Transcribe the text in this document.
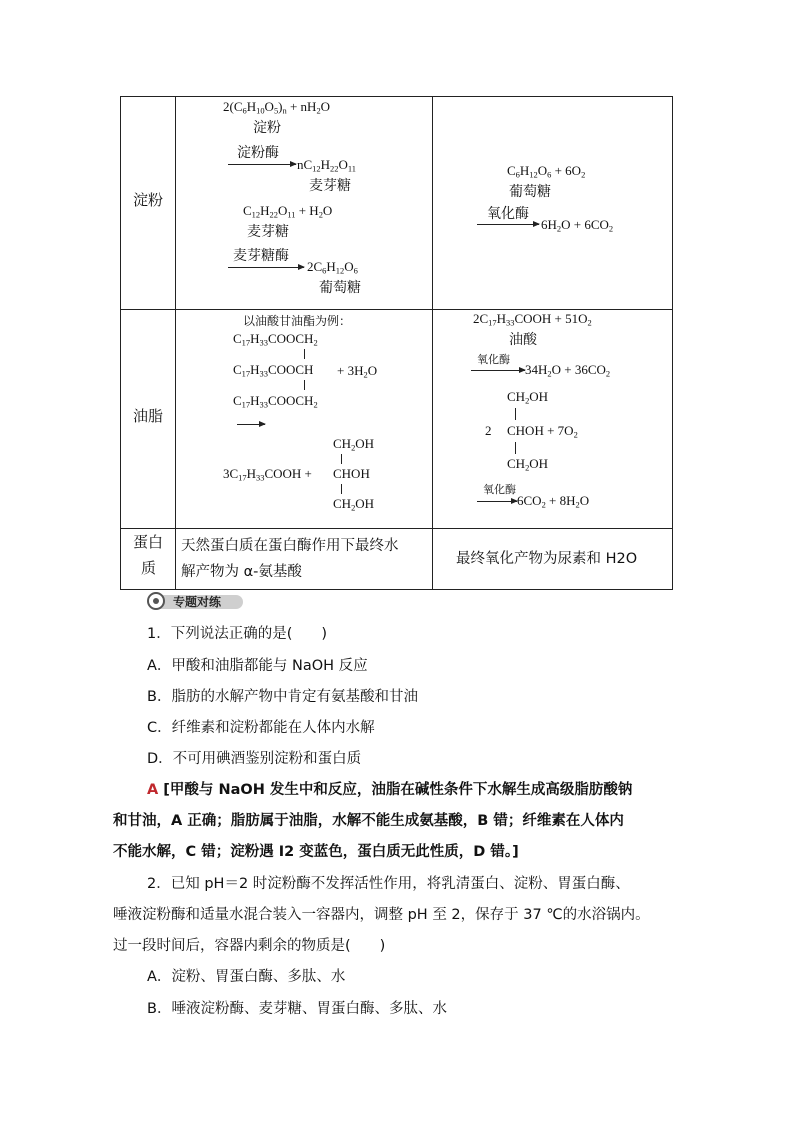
淀粉
油脂
蛋白
质
$2(C_6H_{10}O_5)_n + nH_2O$
淀粉
淀粉酶
$nC_{12}H_{22}O_{11}$
麦芽糖
$C_{12}H_{22}O_{11} + H_2O$
麦芽糖
麦芽糖酶
$2C_6H_{12}O_6$
葡萄糖
$C_6H_{12}O_6 + 6O_2$
葡萄糖
氧化酶
→ $6H_2O + 6CO_2$
以油酸甘油酯为例：
$C_{17}H_{33}COOCH_2$
$C_{17}H_{33}COOCH + 3H_2O$
$C_{17}H_{33}COOCH_2$
$3C_{17}H_{33}COOH$ +
$CH_2OH$
CHOH
$CH_2OH$
$2C_{17}H_{33}COOH + 51O_2$
油酸
氧化酶
→ $34H_2O + 36CO_2$
$CH_2OH$
2 CHOH + $7O_2$
$CH_2OH$
氧化酶
→ $6CO_2 + 8H_2O$
天然蛋白质在蛋白酶作用下最终水
解产物为 α-氨基酸
最终氧化产物为尿素和 H2O
专题对练
1．下列说法正确的是(　　)
A．甲酸和油脂都能与 NaOH 反应
B．脂肪的水解产物中肯定有氨基酸和甘油
C．纤维素和淀粉都能在人体内水解
D．不可用碘酒鉴别淀粉和蛋白质
A [甲酸与 NaOH 发生中和反应，油脂在碱性条件下水解生成高级脂肪酸钠
和甘油，A 正确；脂肪属于油脂，水解不能生成氨基酸，B 错；纤维素在人体内
不能水解，C 错；淀粉遇 I2 变蓝色，蛋白质无此性质，D 错。]
2．已知 pH＝2 时淀粉酶不发挥活性作用，将乳清蛋白、淀粉、胃蛋白酶、
唾液淀粉酶和适量水混合装入一容器内，调整 pH 至 2，保存于 37 ℃的水浴锅内。
过一段时间后，容器内剩余的物质是(　　)
A．淀粉、胃蛋白酶、多肽、水
B．唾液淀粉酶、麦芽糖、胃蛋白酶、多肽、水
